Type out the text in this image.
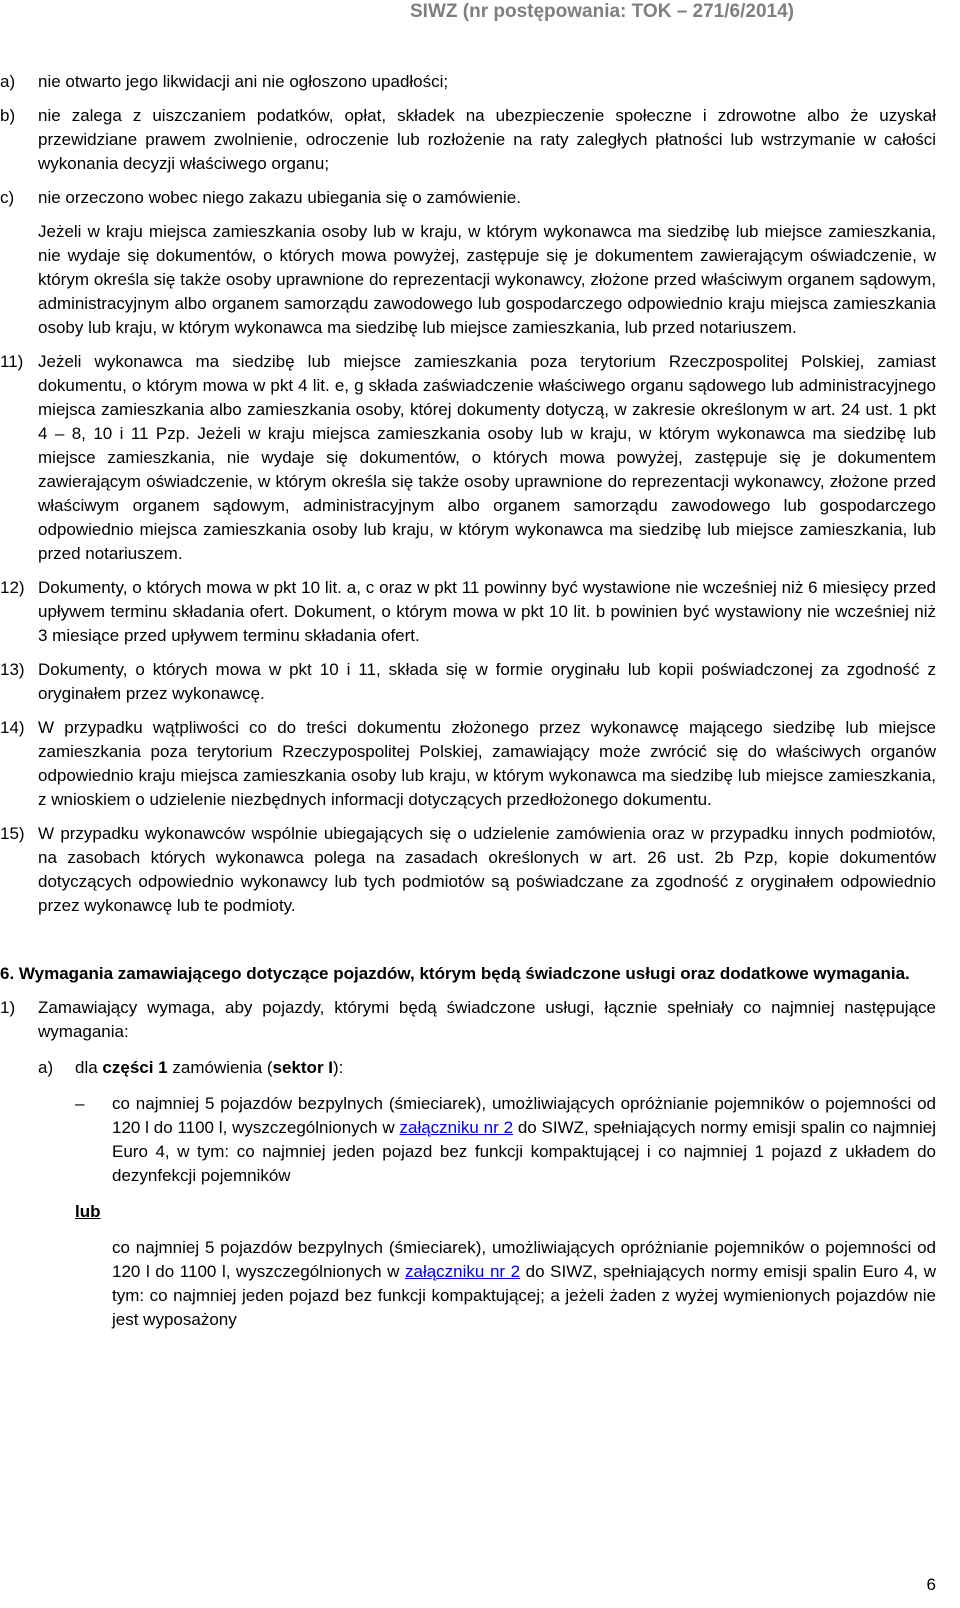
SIWZ (nr postępowania: TOK – 271/6/2014)
a) nie otwarto jego likwidacji ani nie ogłoszono upadłości;
b) nie zalega z uiszczaniem podatków, opłat, składek na ubezpieczenie społeczne i zdrowotne albo że uzyskał przewidziane prawem zwolnienie, odroczenie lub rozłożenie na raty zaległych płatności lub wstrzymanie w całości wykonania decyzji właściwego organu;
c) nie orzeczono wobec niego zakazu ubiegania się o zamówienie.
Jeżeli w kraju miejsca zamieszkania osoby lub w kraju, w którym wykonawca ma siedzibę lub miejsce zamieszkania, nie wydaje się dokumentów, o których mowa powyżej, zastępuje się je dokumentem zawierającym oświadczenie, w którym określa się także osoby uprawnione do reprezentacji wykonawcy, złożone przed właściwym organem sądowym, administracyjnym albo organem samorządu zawodowego lub gospodarczego odpowiednio kraju miejsca zamieszkania osoby lub kraju, w którym wykonawca ma siedzibę lub miejsce zamieszkania, lub przed notariuszem.
11) Jeżeli wykonawca ma siedzibę lub miejsce zamieszkania poza terytorium Rzeczpospolitej Polskiej, zamiast dokumentu, o którym mowa w pkt 4 lit. e, g składa zaświadczenie właściwego organu sądowego lub administracyjnego miejsca zamieszkania albo zamieszkania osoby, której dokumenty dotyczą, w zakresie określonym w art. 24 ust. 1 pkt 4 – 8, 10 i 11 Pzp. Jeżeli w kraju miejsca zamieszkania osoby lub w kraju, w którym wykonawca ma siedzibę lub miejsce zamieszkania, nie wydaje się dokumentów, o których mowa powyżej, zastępuje się je dokumentem zawierającym oświadczenie, w którym określa się także osoby uprawnione do reprezentacji wykonawcy, złożone przed właściwym organem sądowym, administracyjnym albo organem samorządu zawodowego lub gospodarczego odpowiednio miejsca zamieszkania osoby lub kraju, w którym wykonawca ma siedzibę lub miejsce zamieszkania, lub przed notariuszem.
12) Dokumenty, o których mowa w pkt 10 lit. a, c oraz w pkt 11 powinny być wystawione nie wcześniej niż 6 miesięcy przed upływem terminu składania ofert. Dokument, o którym mowa w pkt 10 lit. b powinien być wystawiony nie wcześniej niż 3 miesiące przed upływem terminu składania ofert.
13) Dokumenty, o których mowa w pkt 10 i 11, składa się w formie oryginału lub kopii poświadczonej za zgodność z oryginałem przez wykonawcę.
14) W przypadku wątpliwości co do treści dokumentu złożonego przez wykonawcę mającego siedzibę lub miejsce zamieszkania poza terytorium Rzeczypospolitej Polskiej, zamawiający może zwrócić się do właściwych organów odpowiednio kraju miejsca zamieszkania osoby lub kraju, w którym wykonawca ma siedzibę lub miejsce zamieszkania, z wnioskiem o udzielenie niezbędnych informacji dotyczących przedłożonego dokumentu.
15) W przypadku wykonawców wspólnie ubiegających się o udzielenie zamówienia oraz w przypadku innych podmiotów, na zasobach których wykonawca polega na zasadach określonych w art. 26 ust. 2b Pzp, kopie dokumentów dotyczących odpowiednio wykonawcy lub tych podmiotów są poświadczane za zgodność z oryginałem odpowiednio przez wykonawcę lub te podmioty.
6. Wymagania zamawiającego dotyczące pojazdów, którym będą świadczone usługi oraz dodatkowe wymagania.
1) Zamawiający wymaga, aby pojazdy, którymi będą świadczone usługi, łącznie spełniały co najmniej następujące wymagania:
a) dla części 1 zamówienia (sektor I):
– co najmniej 5 pojazdów bezpylnych (śmieciarek), umożliwiających opróżnianie pojemników o pojemności od 120 l do 1100 l, wyszczególnionych w załączniku nr 2 do SIWZ, spełniających normy emisji spalin co najmniej Euro 4, w tym: co najmniej jeden pojazd bez funkcji kompaktującej i co najmniej 1 pojazd z układem do dezynfekcji pojemników
lub
co najmniej 5 pojazdów bezpylnych (śmieciarek), umożliwiających opróżnianie pojemników o pojemności od 120 l do 1100 l, wyszczególnionych w załączniku nr 2 do SIWZ, spełniających normy emisji spalin Euro 4, w tym: co najmniej jeden pojazd bez funkcji kompaktującej; a jeżeli żaden z wyżej wymienionych pojazdów nie jest wyposażony
6
